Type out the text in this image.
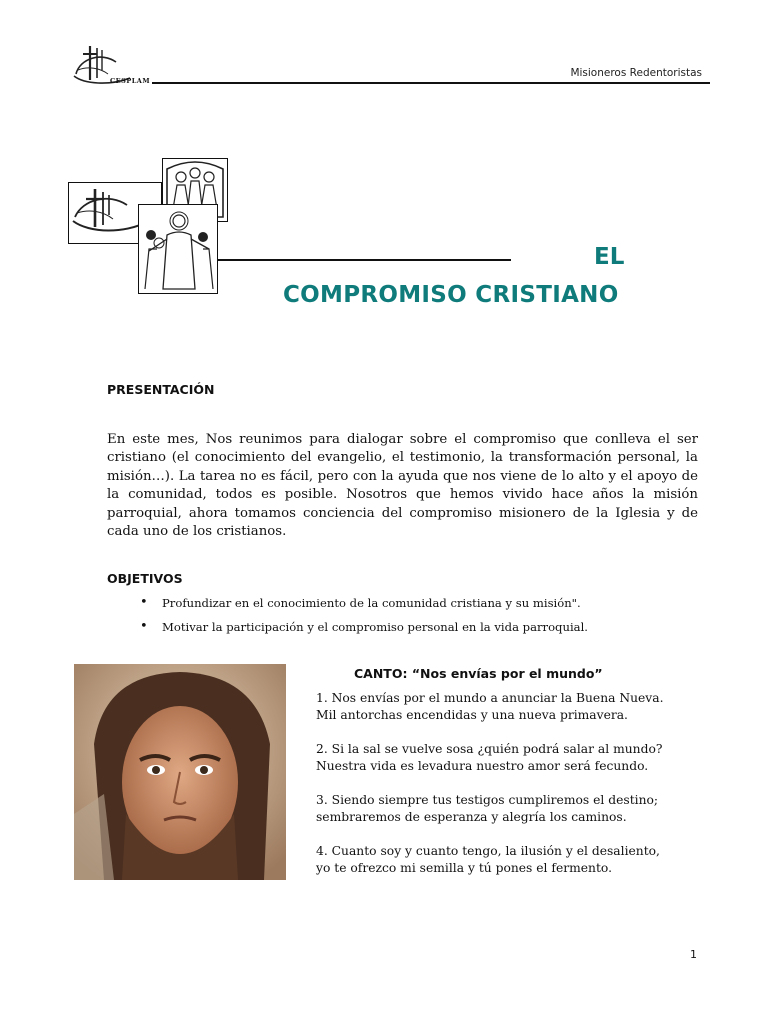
CESPLAM
Misioneros Redentoristas
EL
COMPROMISO CRISTIANO
PRESENTACIÓN

En este mes, Nos reunimos para dialogar sobre el compromiso que conlleva el ser cristiano (el conocimiento del evangelio, el testimonio, la transformación personal, la misión…). La tarea no es fácil, pero con la ayuda que nos viene de lo alto y el apoyo de la comunidad, todos es posible. Nosotros que hemos vivido hace años la misión parroquial, ahora tomamos conciencia del compromiso misionero de la Iglesia y de cada uno de los cristianos.

OBJETIVOS
• Profundizar en el conocimiento de la comunidad cristiana y su misión".
• Motivar la participación y el compromiso personal en la vida parroquial.
CANTO: “Nos envías por el mundo”
1. Nos envías por el mundo a anunciar la Buena Nueva.
Mil antorchas encendidas y una nueva primavera.
2. Si la sal se vuelve sosa ¿quién podrá salar al mundo?
Nuestra vida es levadura nuestro amor será fecundo.
3. Siendo siempre tus testigos cumpliremos el destino;
sembraremos de esperanza y alegría los caminos.
4. Cuanto soy y cuanto tengo, la ilusión y el desaliento,
yo te ofrezco mi semilla y tú pones el fermento.
1
